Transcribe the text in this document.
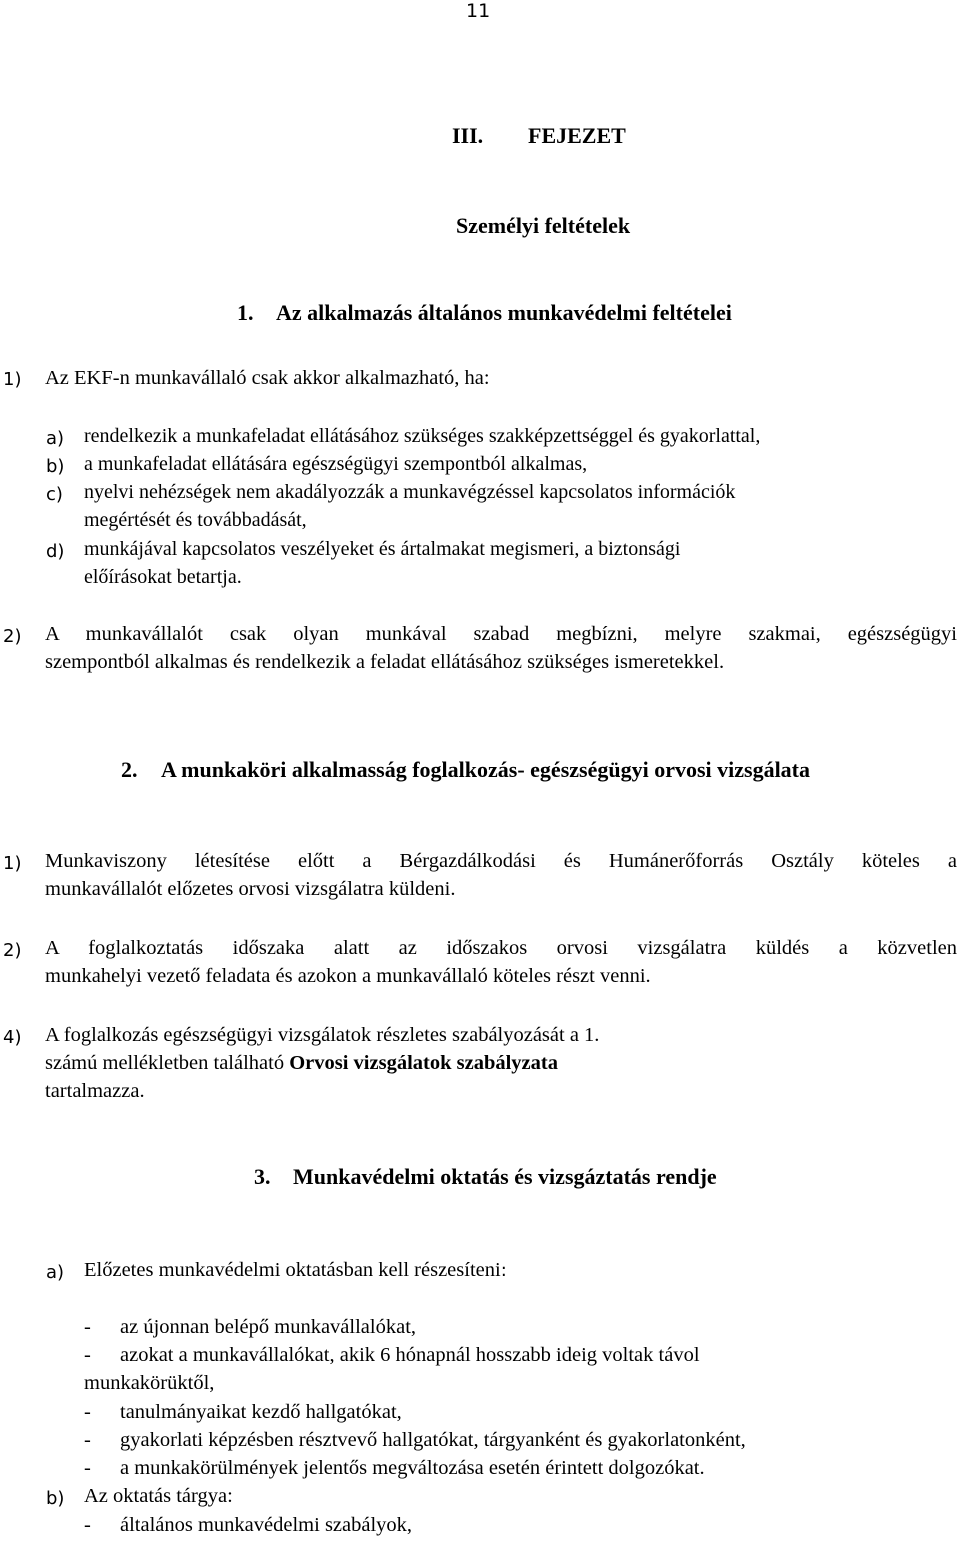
11
III. FEJEZET
Személyi feltételek
1. Az alkalmazás általános munkavédelmi feltételei
1) Az EKF-n munkavállaló csak akkor alkalmazható, ha:
a) rendelkezik a munkafeladat ellátásához szükséges szakképzettséggel és gyakorlattal,
b) a munkafeladat ellátására egészségügyi szempontból alkalmas,
c) nyelvi nehézségek nem akadályozzák a munkavégzéssel kapcsolatos információk
megértését és továbbadását,
d) munkájával kapcsolatos veszélyeket és ártalmakat megismeri, a biztonsági
előírásokat betartja.
2) A munkavállalót csak olyan munkával szabad megbízni, melyre szakmai, egészségügyi
szempontból alkalmas és rendelkezik a feladat ellátásához szükséges ismeretekkel.
2. A munkaköri alkalmasság foglalkozás- egészségügyi orvosi vizsgálata
1) Munkaviszony létesítése előtt a Bérgazdálkodási és Humánerőforrás Osztály köteles a
munkavállalót előzetes orvosi vizsgálatra küldeni.
2) A foglalkoztatás időszaka alatt az időszakos orvosi vizsgálatra küldés a közvetlen
munkahelyi vezető feladata és azokon a munkavállaló köteles részt venni.
4) A foglalkozás egészségügyi vizsgálatok részletes szabályozását a 1.
számú mellékletben található Orvosi vizsgálatok szabályzata
tartalmazza.
3. Munkavédelmi oktatás és vizsgáztatás rendje
a) Előzetes munkavédelmi oktatásban kell részesíteni:
- az újonnan belépő munkavállalókat,
- azokat a munkavállalókat, akik 6 hónapnál hosszabb ideig voltak távol
munkakörüktől,
- tanulmányaikat kezdő hallgatókat,
- gyakorlati képzésben résztvevő hallgatókat, tárgyanként és gyakorlatonként,
- a munkakörülmények jelentős megváltozása esetén érintett dolgozókat.
b) Az oktatás tárgya:
- általános munkavédelmi szabályok,
